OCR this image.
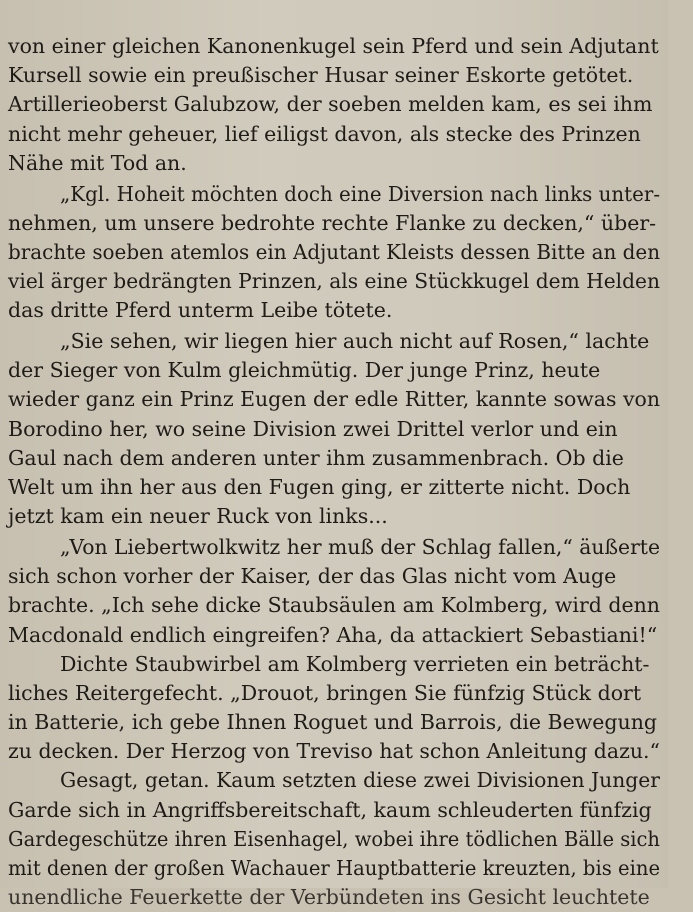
von einer gleichen Kanonenkugel sein Pferd und sein Adjutant
Kursell sowie ein preußischer Husar seiner Eskorte getötet.
Artillerieoberst Galubzow, der soeben melden kam, es sei ihm
nicht mehr geheuer, lief eiligst davon, als stecke des Prinzen
Nähe mit Tod an.
„Kgl. Hoheit möchten doch eine Diversion nach links unter-
nehmen, um unsere bedrohte rechte Flanke zu decken,“ über-
brachte soeben atemlos ein Adjutant Kleists dessen Bitte an den
viel ärger bedrängten Prinzen, als eine Stückkugel dem Helden
das dritte Pferd unterm Leibe tötete.
„Sie sehen, wir liegen hier auch nicht auf Rosen,“ lachte
der Sieger von Kulm gleichmütig. Der junge Prinz, heute
wieder ganz ein Prinz Eugen der edle Ritter, kannte sowas von
Borodino her, wo seine Division zwei Drittel verlor und ein
Gaul nach dem anderen unter ihm zusammenbrach. Ob die
Welt um ihn her aus den Fugen ging, er zitterte nicht. Doch
jetzt kam ein neuer Ruck von links...
„Von Liebertwolkwitz her muß der Schlag fallen,“ äußerte
sich schon vorher der Kaiser, der das Glas nicht vom Auge
brachte. „Ich sehe dicke Staubsäulen am Kolmberg, wird denn
Macdonald endlich eingreifen? Aha, da attackiert Sebastiani!“
Dichte Staubwirbel am Kolmberg verrieten ein beträcht-
liches Reitergefecht. „Drouot, bringen Sie fünfzig Stück dort
in Batterie, ich gebe Ihnen Roguet und Barrois, die Bewegung
zu decken. Der Herzog von Treviso hat schon Anleitung dazu.“
Gesagt, getan. Kaum setzten diese zwei Divisionen Junger
Garde sich in Angriffsbereitschaft, kaum schleuderten fünfzig
Gardegeschütze ihren Eisenhagel, wobei ihre tödlichen Bälle sich
mit denen der großen Wachauer Hauptbatterie kreuzten, bis eine
unendliche Feuerkette der Verbündeten ins Gesicht leuchtete
